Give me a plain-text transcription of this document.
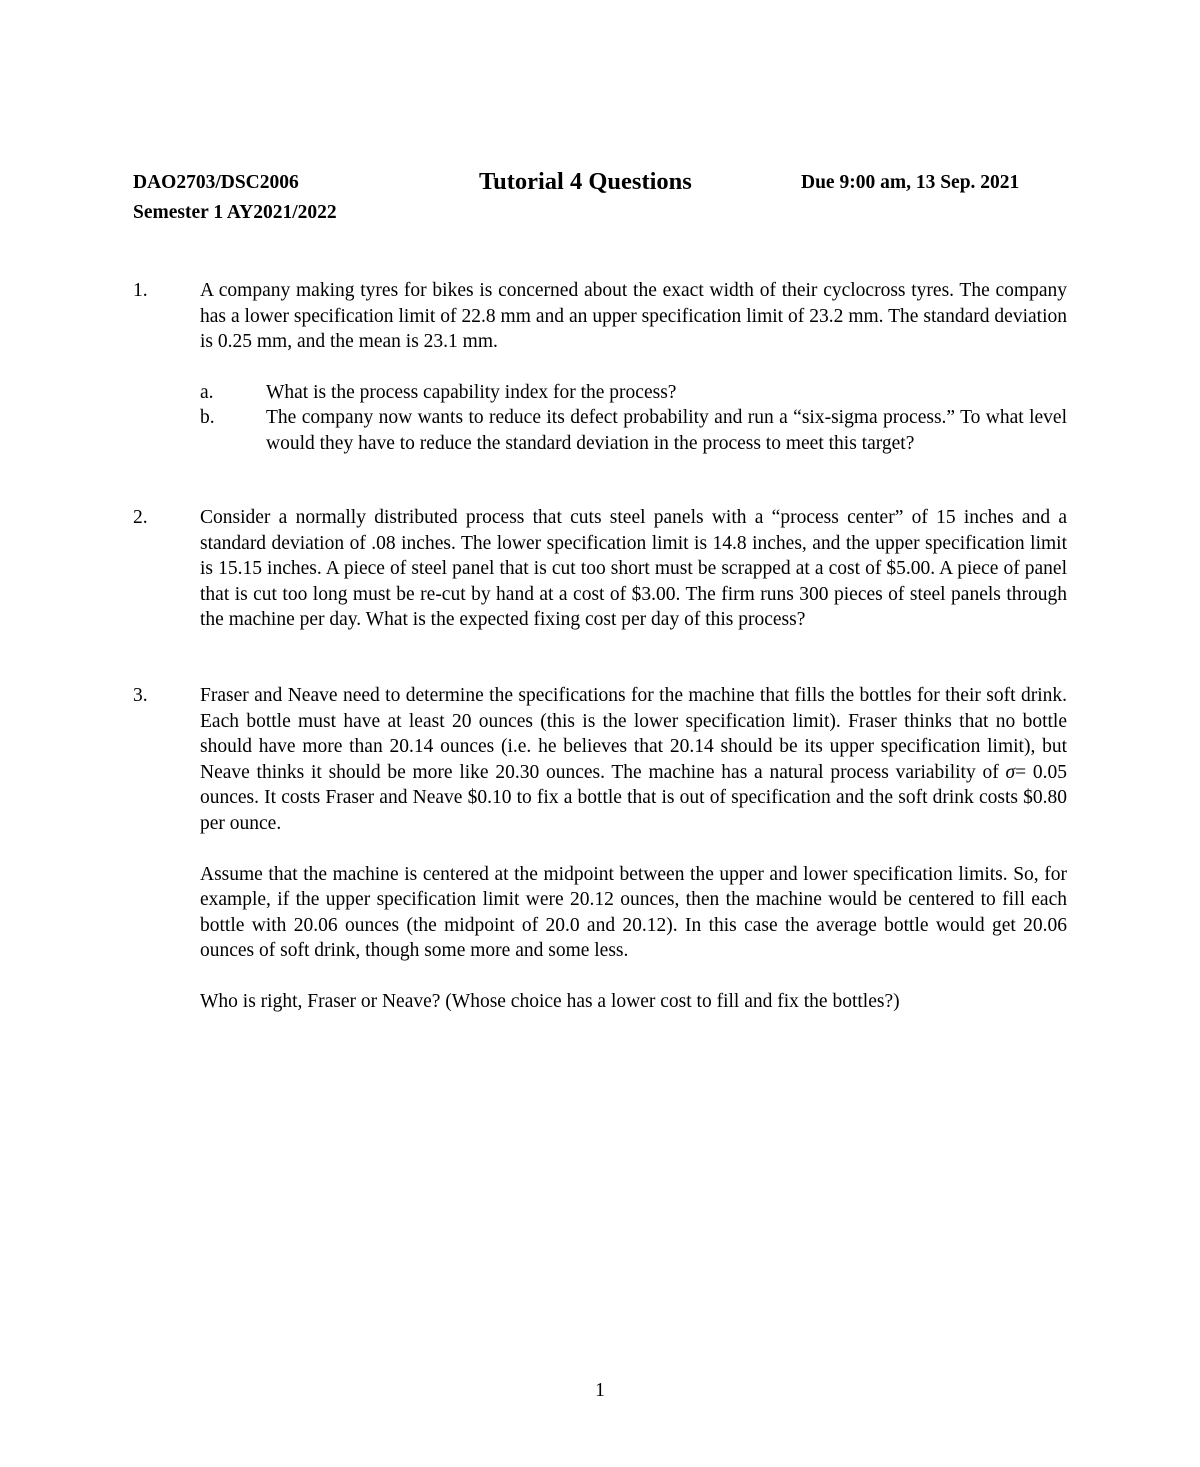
DAO2703/DSC2006
Semester 1 AY2021/2022
Tutorial 4 Questions	Due 9:00 am, 13 Sep. 2021
1.	A company making tyres for bikes is concerned about the exact width of their cyclocross tyres. The company has a lower specification limit of 22.8 mm and an upper specification limit of 23.2 mm. The standard deviation is 0.25 mm, and the mean is 23.1 mm.

a.	What is the process capability index for the process?
b.	The company now wants to reduce its defect probability and run a “six-sigma process.” To what level would they have to reduce the standard deviation in the process to meet this target?
2.	Consider a normally distributed process that cuts steel panels with a “process center” of 15 inches and a standard deviation of .08 inches. The lower specification limit is 14.8 inches, and the upper specification limit is 15.15 inches. A piece of steel panel that is cut too short must be scrapped at a cost of $5.00. A piece of panel that is cut too long must be re-cut by hand at a cost of $3.00. The firm runs 300 pieces of steel panels through the machine per day. What is the expected fixing cost per day of this process?

3.	Fraser and Neave need to determine the specifications for the machine that fills the bottles for their soft drink. Each bottle must have at least 20 ounces (this is the lower specification limit). Fraser thinks that no bottle should have more than 20.14 ounces (i.e. he believes that 20.14 should be its upper specification limit), but Neave thinks it should be more like 20.30 ounces. The machine has a natural process variability of σ= 0.05 ounces. It costs Fraser and Neave $0.10 to fix a bottle that is out of specification and the soft drink costs $0.80 per ounce.

Assume that the machine is centered at the midpoint between the upper and lower specification limits. So, for example, if the upper specification limit were 20.12 ounces, then the machine would be centered to fill each bottle with 20.06 ounces (the midpoint of 20.0 and 20.12). In this case the average bottle would get 20.06 ounces of soft drink, though some more and some less.

Who is right, Fraser or Neave? (Whose choice has a lower cost to fill and fix the bottles?)

1
